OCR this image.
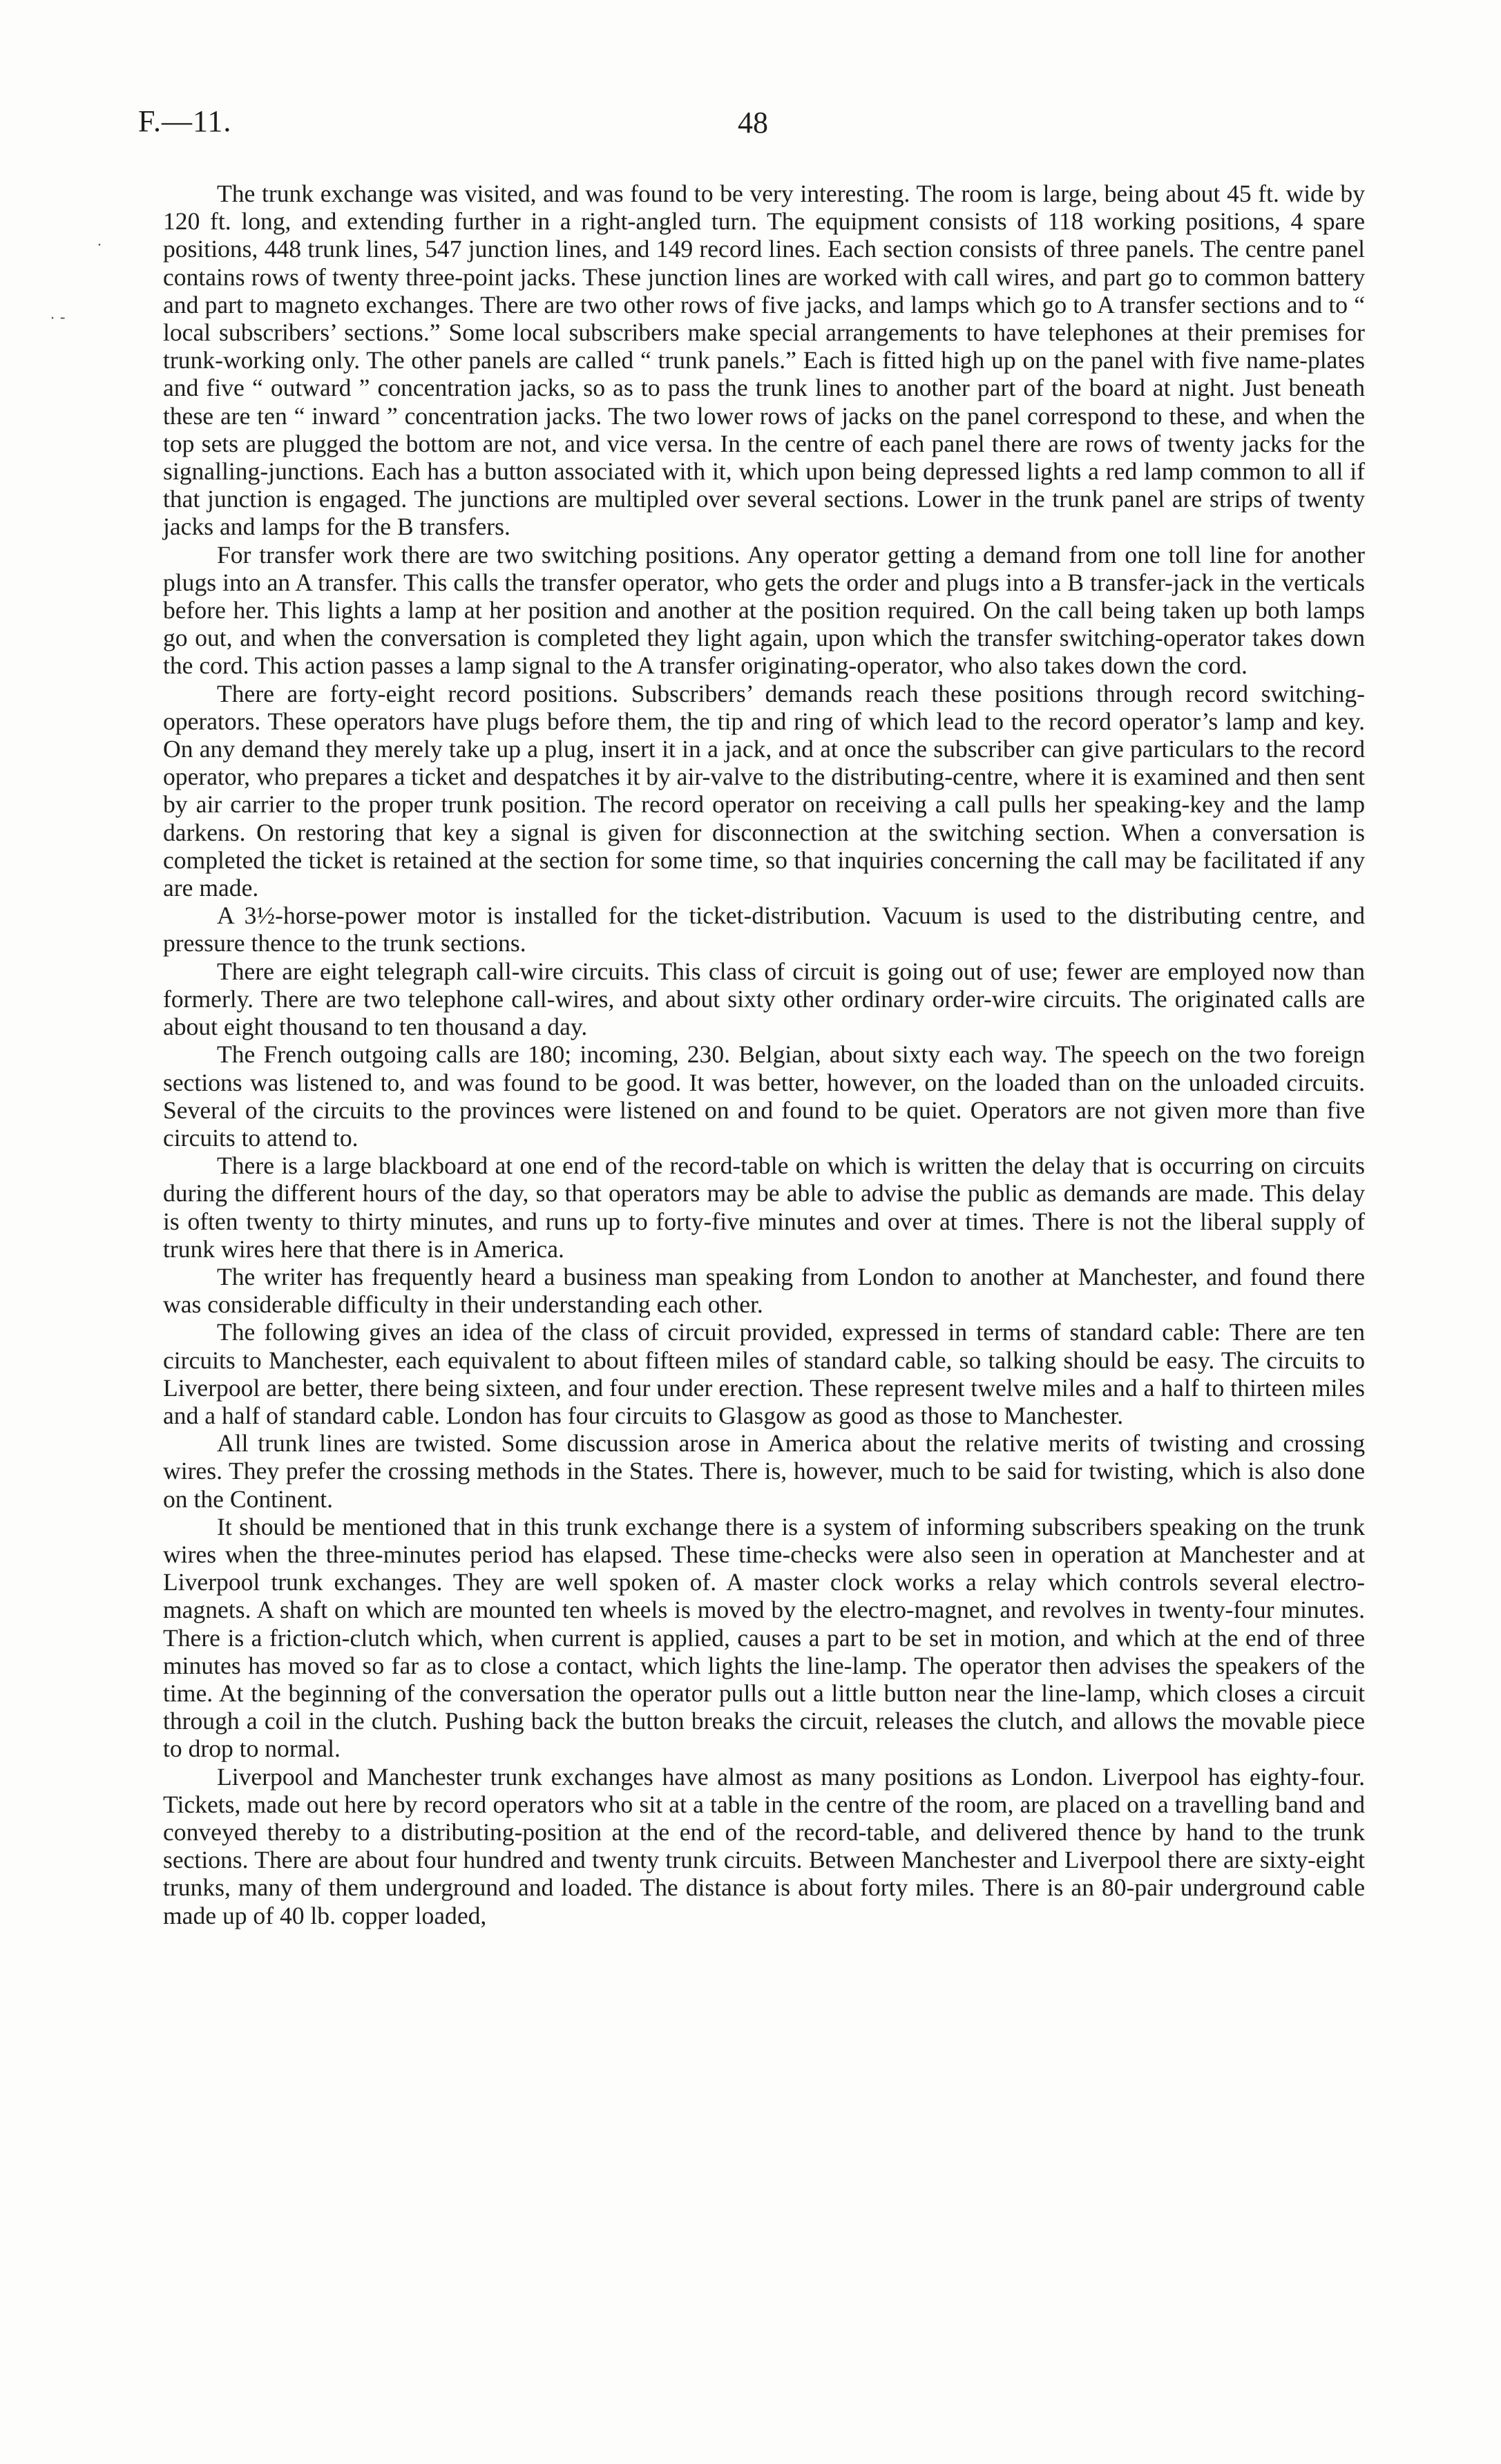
F.—11.	48
·
· -

The trunk exchange was visited, and was found to be very interesting. The room is large, being about 45 ft. wide by 120 ft. long, and extending further in a right-angled turn. The equipment consists of 118 working positions, 4 spare positions, 448 trunk lines, 547 junction lines, and 149 record lines. Each section consists of three panels. The centre panel contains rows of twenty three-point jacks. These junction lines are worked with call wires, and part go to common battery and part to magneto exchanges. There are two other rows of five jacks, and lamps which go to A transfer sections and to “ local subscribers’ sections.” Some local subscribers make special arrangements to have telephones at their premises for trunk-working only. The other panels are called “ trunk panels.” Each is fitted high up on the panel with five name-plates and five “ outward ” concentration jacks, so as to pass the trunk lines to another part of the board at night. Just beneath these are ten “ inward ” concentration jacks. The two lower rows of jacks on the panel correspond to these, and when the top sets are plugged the bottom are not, and vice versa. In the centre of each panel there are rows of twenty jacks for the signalling-junctions. Each has a button associated with it, which upon being depressed lights a red lamp common to all if that junction is engaged. The junctions are multipled over several sections. Lower in the trunk panel are strips of twenty jacks and lamps for the B transfers.

For transfer work there are two switching positions. Any operator getting a demand from one toll line for another plugs into an A transfer. This calls the transfer operator, who gets the order and plugs into a B transfer-jack in the verticals before her. This lights a lamp at her position and another at the position required. On the call being taken up both lamps go out, and when the conversation is completed they light again, upon which the transfer switching-operator takes down the cord. This action passes a lamp signal to the A transfer originating-operator, who also takes down the cord.

There are forty-eight record positions. Subscribers’ demands reach these positions through record switching-operators. These operators have plugs before them, the tip and ring of which lead to the record operator’s lamp and key. On any demand they merely take up a plug, insert it in a jack, and at once the subscriber can give particulars to the record operator, who prepares a ticket and despatches it by air-valve to the distributing-centre, where it is examined and then sent by air carrier to the proper trunk position. The record operator on receiving a call pulls her speaking-key and the lamp darkens. On restoring that key a signal is given for disconnection at the switching section. When a conversation is completed the ticket is retained at the section for some time, so that inquiries concerning the call may be facilitated if any are made.

A 3½-horse-power motor is installed for the ticket-distribution. Vacuum is used to the distributing centre, and pressure thence to the trunk sections.

There are eight telegraph call-wire circuits. This class of circuit is going out of use; fewer are employed now than formerly. There are two telephone call-wires, and about sixty other ordinary order-wire circuits. The originated calls are about eight thousand to ten thousand a day.

The French outgoing calls are 180; incoming, 230. Belgian, about sixty each way. The speech on the two foreign sections was listened to, and was found to be good. It was better, however, on the loaded than on the unloaded circuits. Several of the circuits to the provinces were listened on and found to be quiet. Operators are not given more than five circuits to attend to.

There is a large blackboard at one end of the record-table on which is written the delay that is occurring on circuits during the different hours of the day, so that operators may be able to advise the public as demands are made. This delay is often twenty to thirty minutes, and runs up to forty-five minutes and over at times. There is not the liberal supply of trunk wires here that there is in America.

The writer has frequently heard a business man speaking from London to another at Manchester, and found there was considerable difficulty in their understanding each other.

The following gives an idea of the class of circuit provided, expressed in terms of standard cable: There are ten circuits to Manchester, each equivalent to about fifteen miles of standard cable, so talking should be easy. The circuits to Liverpool are better, there being sixteen, and four under erection. These represent twelve miles and a half to thirteen miles and a half of standard cable. London has four circuits to Glasgow as good as those to Manchester.

All trunk lines are twisted. Some discussion arose in America about the relative merits of twisting and crossing wires. They prefer the crossing methods in the States. There is, however, much to be said for twisting, which is also done on the Continent.

It should be mentioned that in this trunk exchange there is a system of informing subscribers speaking on the trunk wires when the three-minutes period has elapsed. These time-checks were also seen in operation at Manchester and at Liverpool trunk exchanges. They are well spoken of. A master clock works a relay which controls several electro-magnets. A shaft on which are mounted ten wheels is moved by the electro-magnet, and revolves in twenty-four minutes. There is a friction-clutch which, when current is applied, causes a part to be set in motion, and which at the end of three minutes has moved so far as to close a contact, which lights the line-lamp. The operator then advises the speakers of the time. At the beginning of the conversation the operator pulls out a little button near the line-lamp, which closes a circuit through a coil in the clutch. Pushing back the button breaks the circuit, releases the clutch, and allows the movable piece to drop to normal.

Liverpool and Manchester trunk exchanges have almost as many positions as London. Liverpool has eighty-four. Tickets, made out here by record operators who sit at a table in the centre of the room, are placed on a travelling band and conveyed thereby to a distributing-position at the end of the record-table, and delivered thence by hand to the trunk sections. There are about four hundred and twenty trunk circuits. Between Manchester and Liverpool there are sixty-eight trunks, many of them underground and loaded. The distance is about forty miles. There is an 80-pair underground cable made up of 40 lb. copper loaded,
